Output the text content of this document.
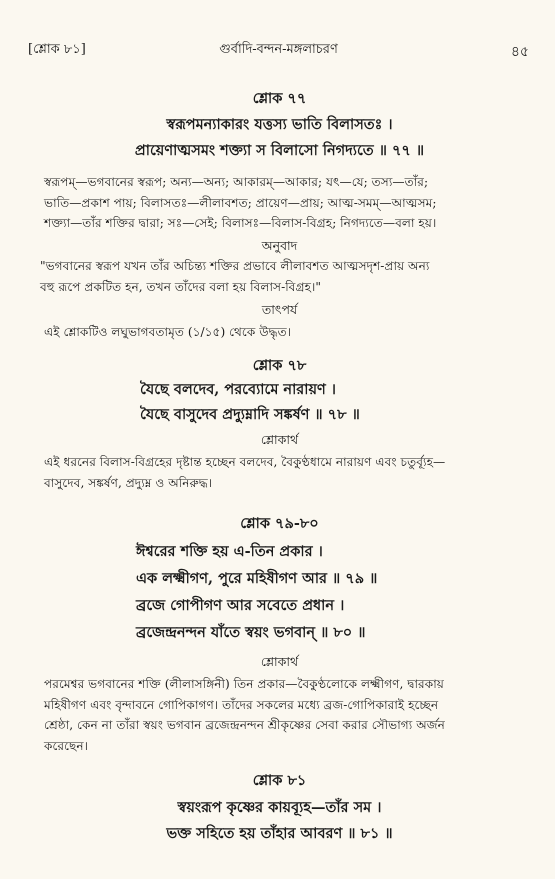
[শ্লোক ৮১]	গুর্বাদি-বন্দন-মঙ্গলাচরণ	৪৫
শ্লোক ৭৭
স্বরূপমন্যাকারং যত্তস্য ভাতি বিলাসতঃ ।
প্রায়েণাত্মসমং শক্ত্যা স বিলাসো নিগদ্যতে ॥ ৭৭ ॥
স্বরূপম্—ভগবানের স্বরূপ; অন্য—অন্য; আকারম্—আকার; যৎ—যে; তস্য—তাঁর;
ভাতি—প্রকাশ পায়; বিলাসতঃ—লীলাবশত; প্রায়েণ—প্রায়; আত্ম-সমম্—আত্মসম;
শক্ত্যা—তাঁর শক্তির দ্বারা; সঃ—সেই; বিলাসঃ—বিলাস-বিগ্রহ; নিগদ্যতে—বলা হয়।
অনুবাদ
"ভগবানের স্বরূপ যখন তাঁর অচিন্ত্য শক্তির প্রভাবে লীলাবশত আত্মসদৃশ-প্রায় অন্য
বহু রূপে প্রকটিত হন, তখন তাঁদের বলা হয় বিলাস-বিগ্রহ।"
তাৎপর্য
এই শ্লোকটিও লঘুভাগবতামৃত (১/১৫) থেকে উদ্ধৃত।
শ্লোক ৭৮
যৈছে বলদেব, পরব্যোমে নারায়ণ ।
যৈছে বাসুদেব প্রদ্যুম্নাদি সঙ্কর্ষণ ॥ ৭৮ ॥
শ্লোকার্থ
এই ধরনের বিলাস-বিগ্রহের দৃষ্টান্ত হচ্ছেন বলদেব, বৈকুণ্ঠধামে নারায়ণ এবং চতুর্ব্যূহ—
বাসুদেব, সঙ্কর্ষণ, প্রদ্যুম্ন ও অনিরুদ্ধ।
শ্লোক ৭৯-৮০
ঈশ্বরের শক্তি হয় এ-তিন প্রকার ।
এক লক্ষ্মীগণ, পুরে মহিষীগণ আর ॥ ৭৯ ॥
ব্রজে গোপীগণ আর সবেতে প্রধান ।
ব্রজেন্দ্রনন্দন যাঁতে স্বয়ং ভগবান্ ॥ ৮০ ॥
শ্লোকার্থ
পরমেশ্বর ভগবানের শক্তি (লীলাসঙ্গিনী) তিন প্রকার—বৈকুণ্ঠলোকে লক্ষ্মীগণ, দ্বারকায়
মহিষীগণ এবং বৃন্দাবনে গোপিকাগণ। তাঁদের সকলের মধ্যে ব্রজ-গোপিকারাই হচ্ছেন
শ্রেষ্ঠা, কেন না তাঁরা স্বয়ং ভগবান ব্রজেন্দ্রনন্দন শ্রীকৃষ্ণের সেবা করার সৌভাগ্য অর্জন
করেছেন।
শ্লোক ৮১
স্বয়ংরূপ কৃষ্ণের কায়ব্যূহ—তাঁর সম ।
ভক্ত সহিতে হয় তাঁহার আবরণ ॥ ৮১ ॥
